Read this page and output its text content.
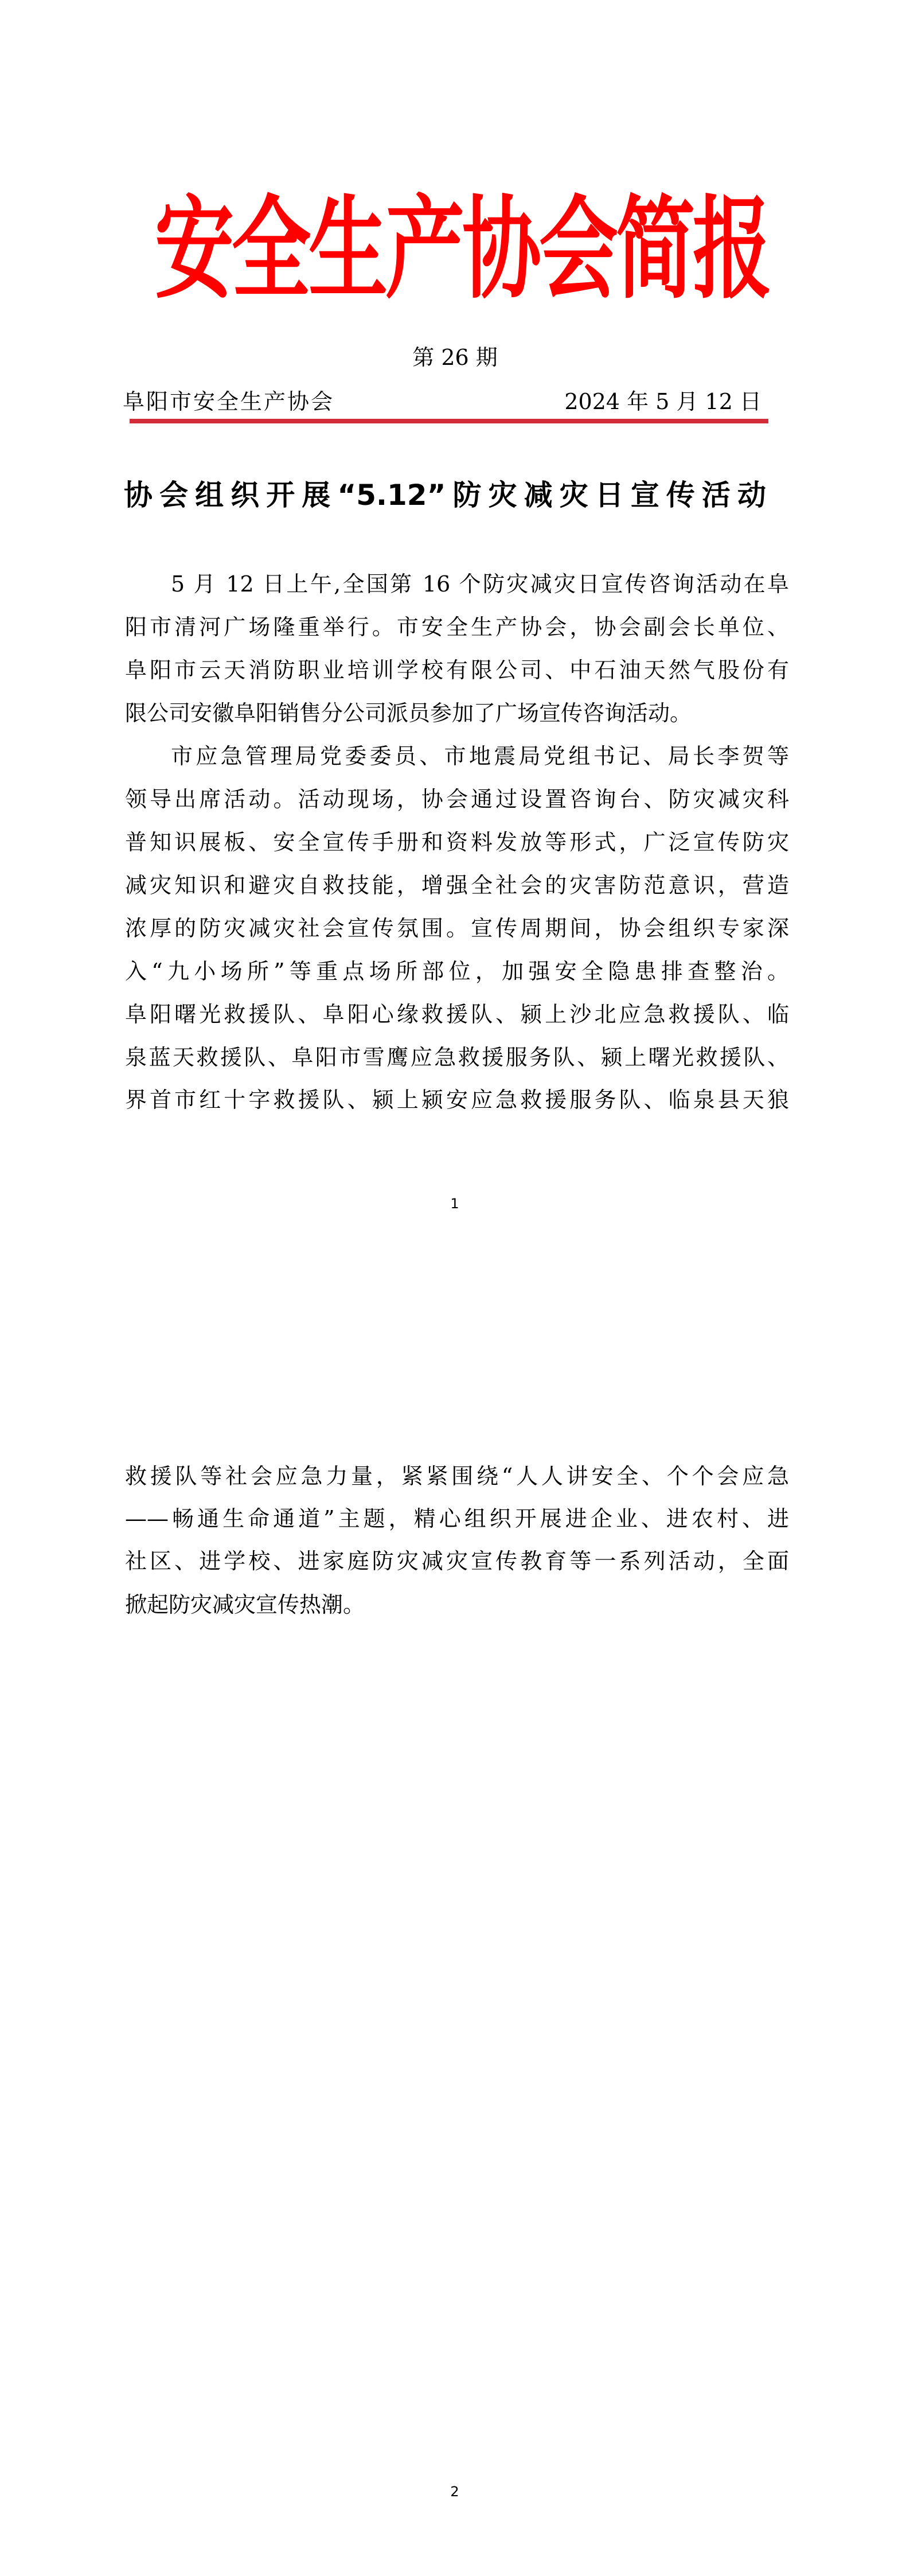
安全生产协会简报
第 26 期
阜阳市安全生产协会	2024 年 5 月 12 日
协会组织开展“5.12”防灾减灾日宣传活动
5 月 12 日上午,全国第 16 个防灾减灾日宣传咨询活动在阜
阳市清河广场隆重举行。市安全生产协会，协会副会长单位、
阜阳市云天消防职业培训学校有限公司、中石油天然气股份有
限公司安徽阜阳销售分公司派员参加了广场宣传咨询活动。
市应急管理局党委委员、市地震局党组书记、局长李贺等
领导出席活动。活动现场，协会通过设置咨询台、防灾减灾科
普知识展板、安全宣传手册和资料发放等形式，广泛宣传防灾
减灾知识和避灾自救技能，增强全社会的灾害防范意识，营造
浓厚的防灾减灾社会宣传氛围。宣传周期间，协会组织专家深
入“九小场所”等重点场所部位，加强安全隐患排查整治。
阜阳曙光救援队、阜阳心缘救援队、颍上沙北应急救援队、临
泉蓝天救援队、阜阳市雪鹰应急救援服务队、颍上曙光救援队、
界首市红十字救援队、颍上颍安应急救援服务队、临泉县天狼
1
救援队等社会应急力量，紧紧围绕“人人讲安全、个个会应急
——畅通生命通道”主题，精心组织开展进企业、进农村、进
社区、进学校、进家庭防灾减灾宣传教育等一系列活动，全面
掀起防灾减灾宣传热潮。
2
